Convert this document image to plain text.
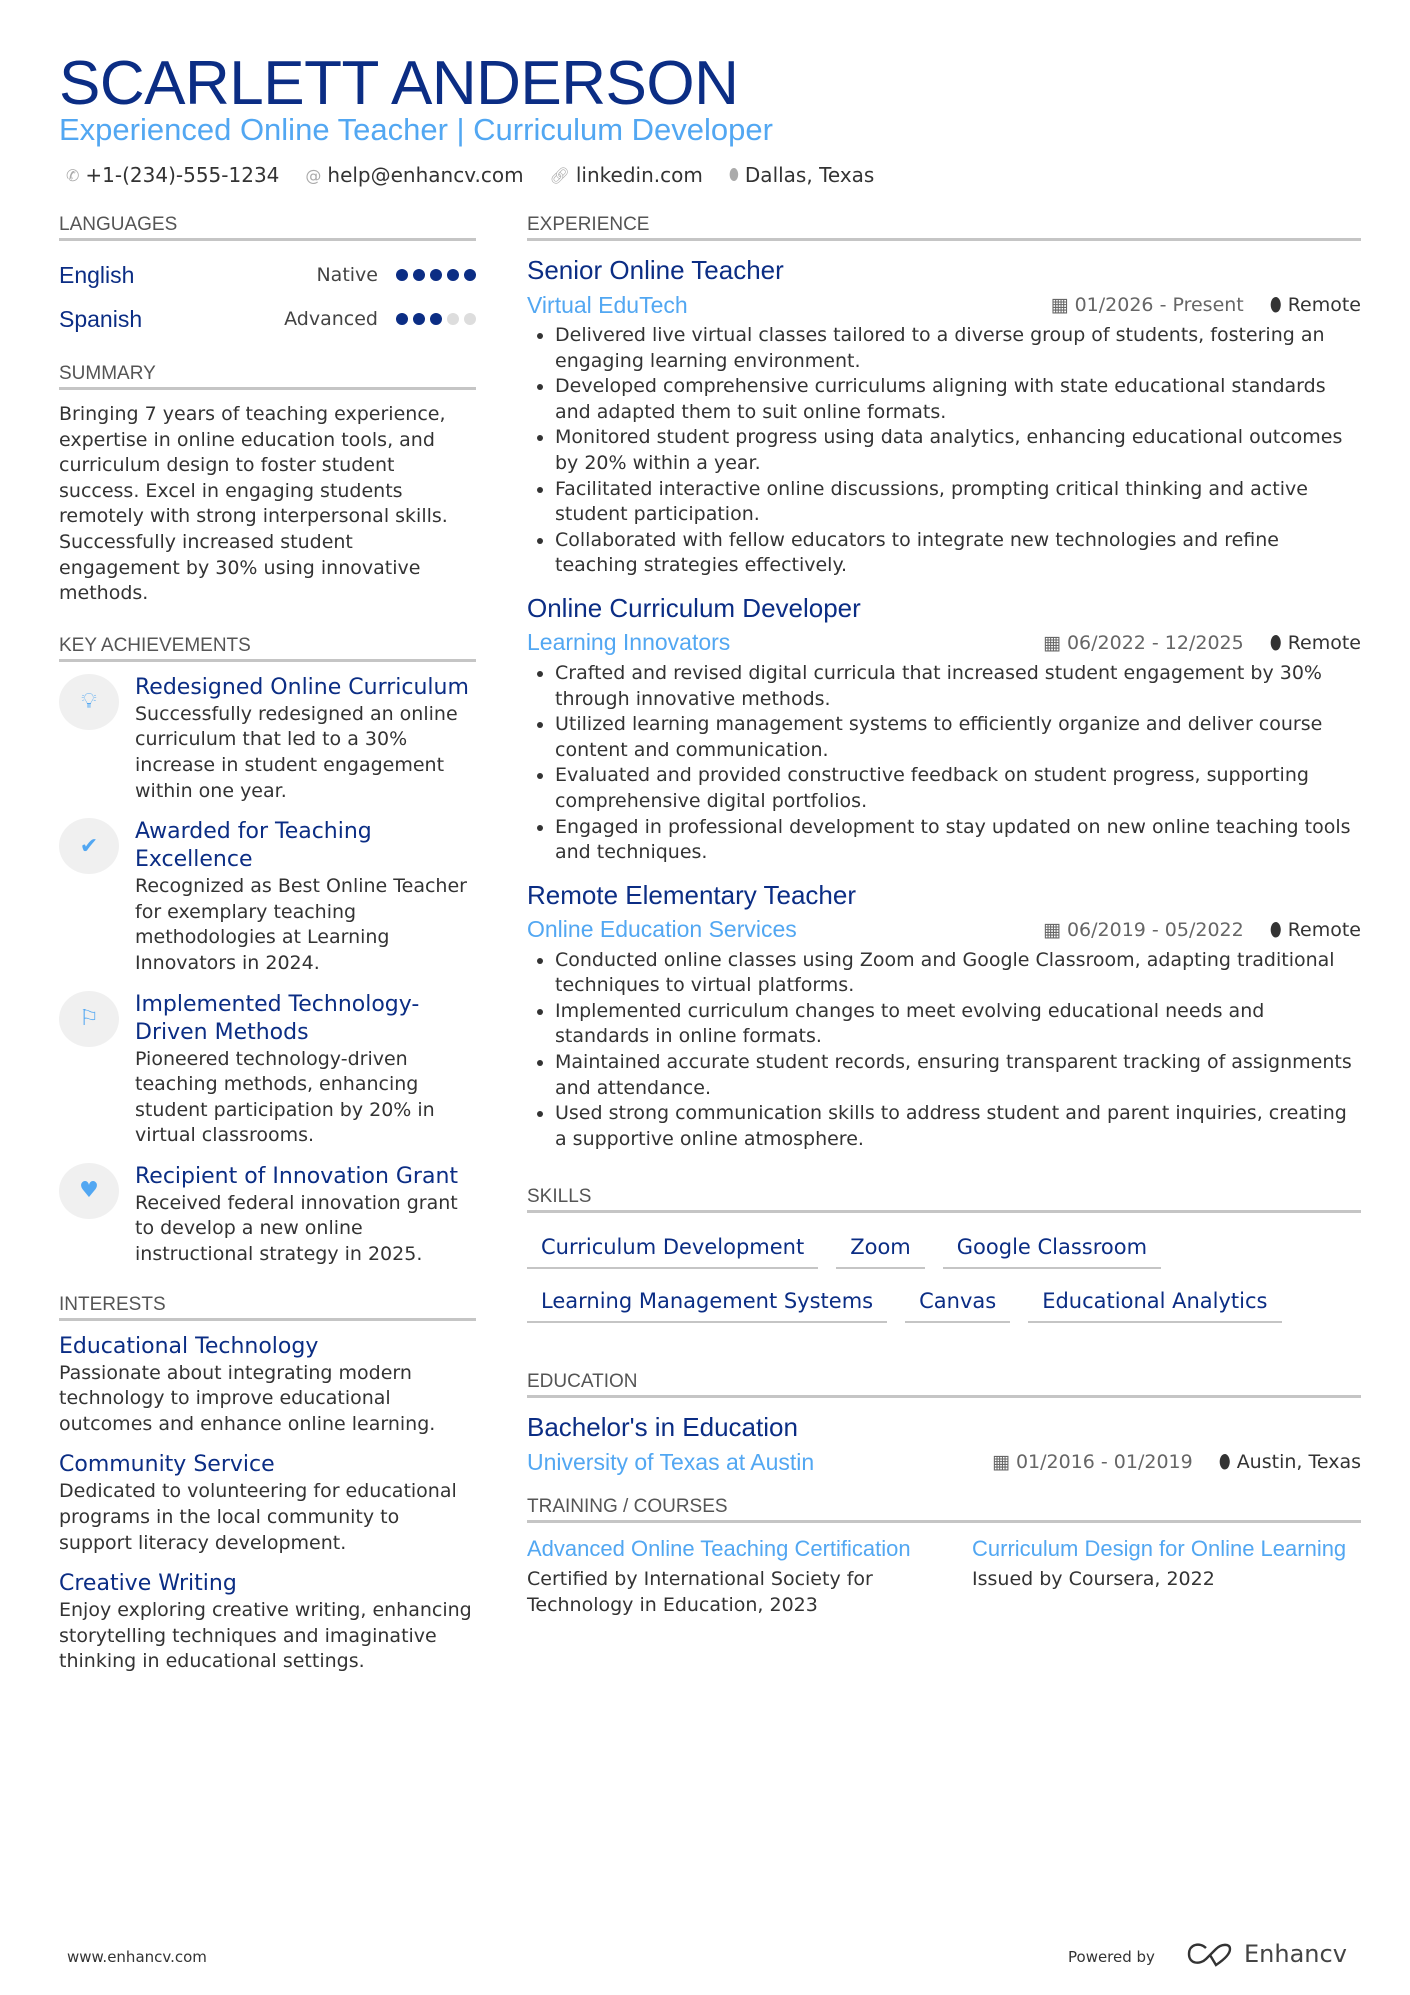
SCARLETT ANDERSON
Experienced Online Teacher | Curriculum Developer
✆ +1-(234)-555-1234 @ help@enhancv.com 🔗︎ linkedin.com ⬮ Dallas, Texas
LANGUAGES
English	Native
Spanish	Advanced
SUMMARY

Bringing 7 years of teaching experience, expertise in online education tools, and curriculum design to foster student success. Excel in engaging students remotely with strong interpersonal skills. Successfully increased student engagement by 30% using innovative methods.

KEY ACHIEVEMENTS
💡︎
Redesigned Online Curriculum

Successfully redesigned an online curriculum that led to a 30% increase in student engagement within one year.

✔
Awarded for Teaching Excellence

Recognized as Best Online Teacher for exemplary teaching methodologies at Learning Innovators in 2024.

⚐
Implemented Technology-Driven Methods

Pioneered technology-driven teaching methods, enhancing student participation by 20% in virtual classrooms.

♥
Recipient of Innovation Grant

Received federal innovation grant to develop a new online instructional strategy in 2025.

INTERESTS
Educational Technology

Passionate about integrating modern technology to improve educational outcomes and enhance online learning.

Community Service

Dedicated to volunteering for educational programs in the local community to support literacy development.

Creative Writing

Enjoy exploring creative writing, enhancing storytelling techniques and imaginative thinking in educational settings.

EXPERIENCE
Senior Online Teacher
Virtual EduTech	▦ 01/2026 - Present ⬮ Remote
• Delivered live virtual classes tailored to a diverse group of students, fostering an engaging learning environment.
• Developed comprehensive curriculums aligning with state educational standards and adapted them to suit online formats.
• Monitored student progress using data analytics, enhancing educational outcomes by 20% within a year.
• Facilitated interactive online discussions, prompting critical thinking and active student participation.
• Collaborated with fellow educators to integrate new technologies and refine teaching strategies effectively.
Online Curriculum Developer
Learning Innovators	▦ 06/2022 - 12/2025 ⬮ Remote
• Crafted and revised digital curricula that increased student engagement by 30% through innovative methods.
• Utilized learning management systems to efficiently organize and deliver course content and communication.
• Evaluated and provided constructive feedback on student progress, supporting comprehensive digital portfolios.
• Engaged in professional development to stay updated on new online teaching tools and techniques.
Remote Elementary Teacher
Online Education Services	▦ 06/2019 - 05/2022 ⬮ Remote
• Conducted online classes using Zoom and Google Classroom, adapting traditional techniques to virtual platforms.
• Implemented curriculum changes to meet evolving educational needs and standards in online formats.
• Maintained accurate student records, ensuring transparent tracking of assignments and attendance.
• Used strong communication skills to address student and parent inquiries, creating a supportive online atmosphere.
SKILLS
Curriculum Development	Zoom	Google Classroom
Learning Management Systems	Canvas	Educational Analytics
EDUCATION
Bachelor's in Education
University of Texas at Austin	▦ 01/2016 - 01/2019 ⬮ Austin, Texas
TRAINING / COURSES
Advanced Online Teaching Certification

Certified by International Society for Technology in Education, 2023

Curriculum Design for Online Learning

Issued by Coursera, 2022

www.enhancv.com	Powered by	Enhancv
